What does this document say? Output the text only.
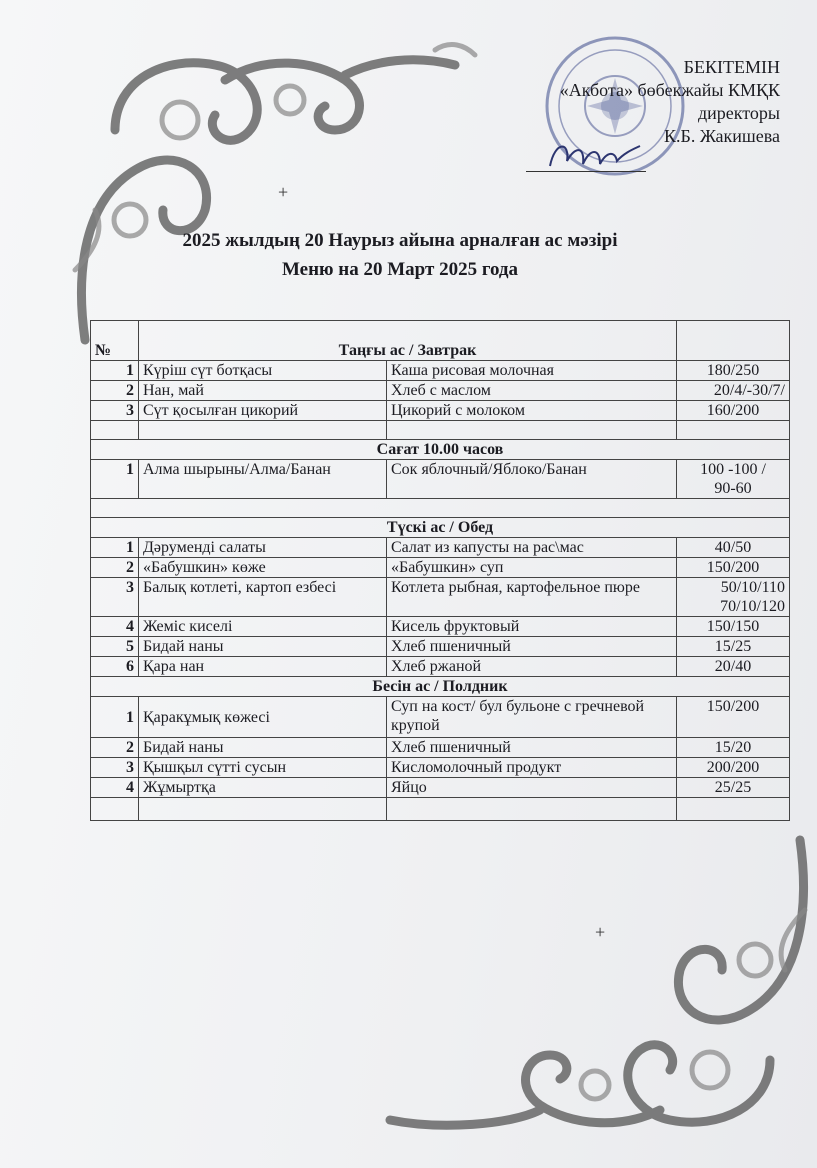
БЕКІТЕМІН
«Акбота» бөбекжайы КМҚК
директоры
К.Б. Жакишева
+
+
2025 жылдың 20 Наурыз айына арналған ас мәзірі
Меню на 20 Март 2025 года
№	Таңғы ас / Завтрак		

1	Күріш сүт ботқасы	Каша рисовая молочная	180/250
2	Нан, май	Хлеб с маслом	20/4/-30/7/
3	Сүт қосылған цикорий	Цикорий с молоком	160/200

Сағат 10.00 часов			
1	Алма шырыны/Алма/Банан	Сок яблочный/Яблоко/Банан	100 -100 /
90-60

Түскі ас / Обед			
1	Дәруменді салаты	Салат из капусты на рас\мас	40/50
2	«Бабушкин» көже	«Бабушкин» суп	150/200
3	Балық котлеті, картоп езбесі	Котлета рыбная, картофельное пюре	50/10/110
70/10/120

4	Жеміс киселі	Кисель фруктовый	150/150
5	Бидай наны	Хлеб пшеничный	15/25
6	Қара нан	Хлеб ржаной	20/40
Бесін ас / Полдник			
1	Қаракұмық көжесі	Суп на кост/ бул бульоне с гречневой крупой	150/200
2	Бидай наны	Хлеб пшеничный	15/20
3	Қышқыл сүтті сусын	Кисломолочный продукт	200/200
4	Жұмыртқа	Яйцо	25/25
